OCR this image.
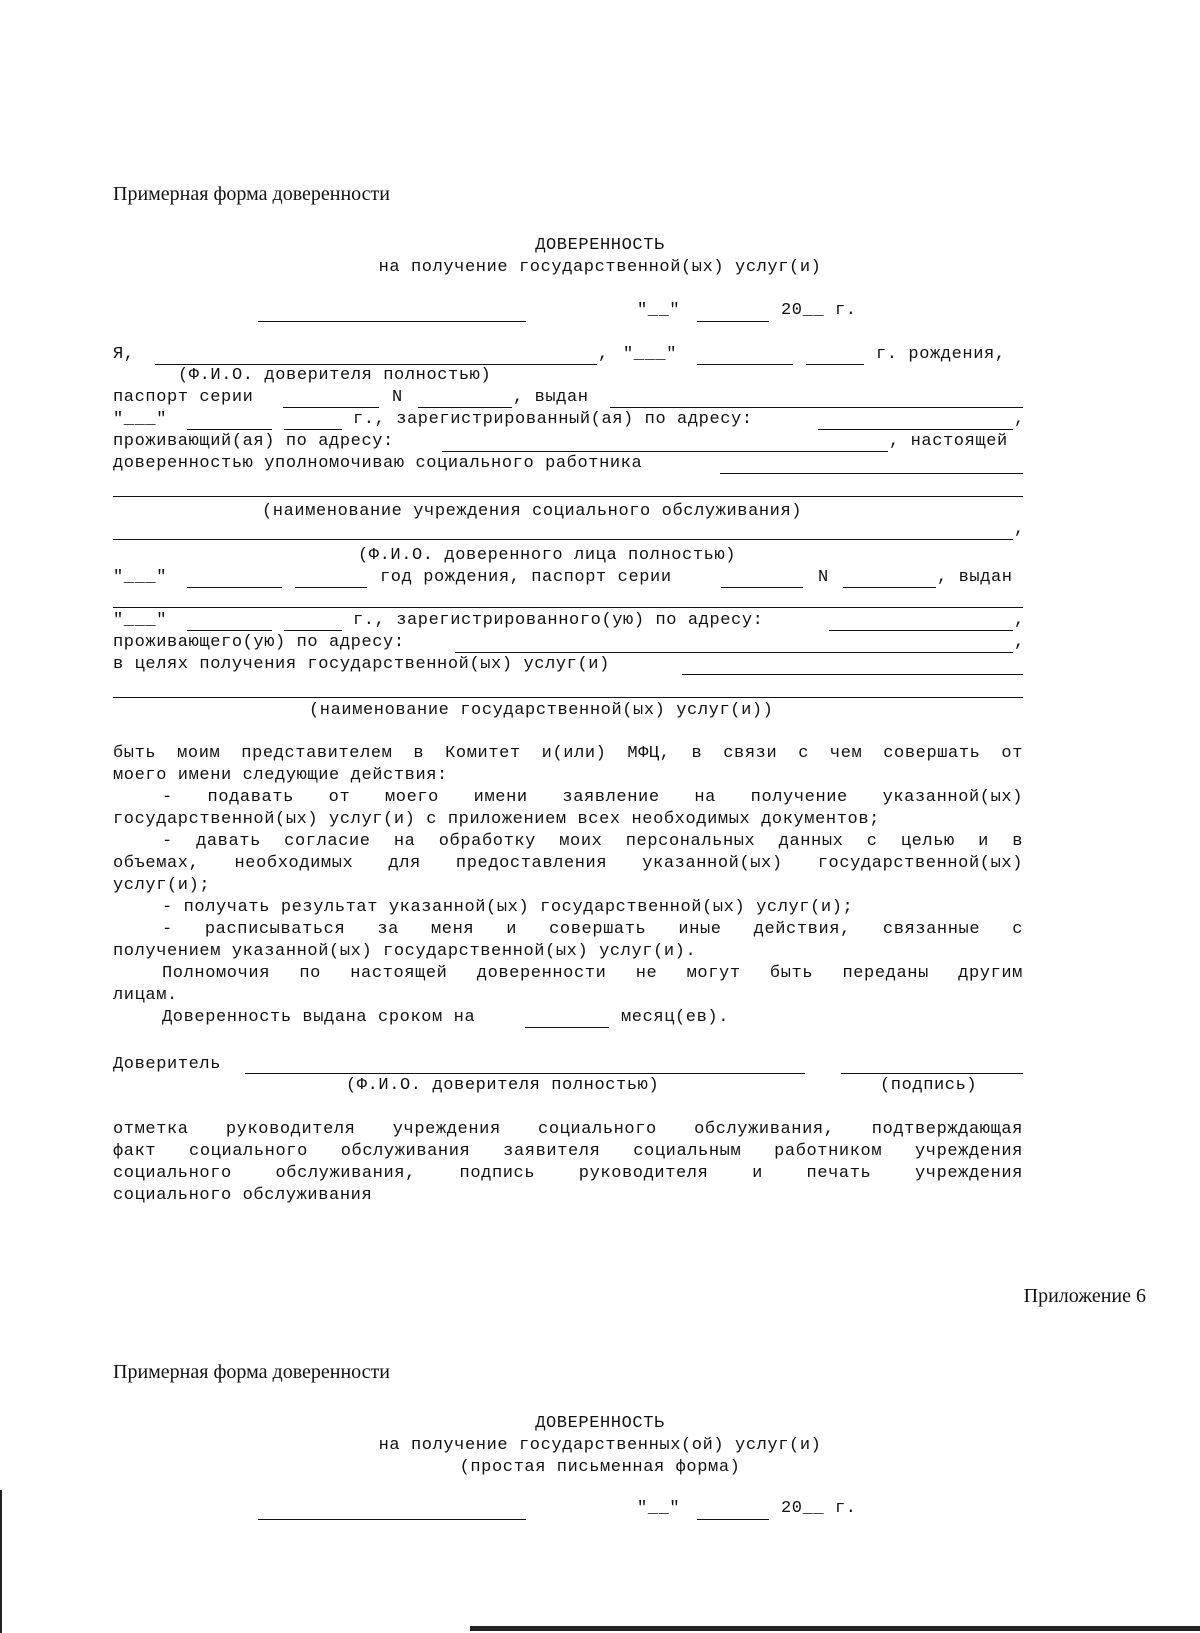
Примерная форма доверенности
ДОВЕРЕННОСТЬ
на получение государственной(ых) услуг(и)
"__"	20__ г.
Я,	, "___"	г. рождения,
(Ф.И.О. доверителя полностью)
паспорт серии	N	, выдан
"___"	г., зарегистрированный(ая) по адресу:	,
проживающий(ая) по адресу:	, настоящей
доверенностью уполномочиваю социального работника
(наименование учреждения социального обслуживания)
,
(Ф.И.О. доверенного лица полностью)
"___"	год рождения, паспорт серии	N	, выдан
"___"	г., зарегистрированного(ую) по адресу:	,
проживающего(ую) по адресу:	,
в целях получения государственной(ых) услуг(и)
(наименование государственной(ых) услуг(и))
быть моим представителем в Комитет и(или) МФЦ, в связи с чем совершать от
моего имени следующие действия:
- подавать от моего имени заявление на получение указанной(ых)
государственной(ых) услуг(и) с приложением всех необходимых документов;
- давать согласие на обработку моих персональных данных с целью и в
объемах, необходимых для предоставления указанной(ых) государственной(ых)
услуг(и);
- получать результат указанной(ых) государственной(ых) услуг(и);
- расписываться за меня и совершать иные действия, связанные с
получением указанной(ых) государственной(ых) услуг(и).
Полномочия по настоящей доверенности не могут быть переданы другим
лицам.
Доверенность выдана сроком на	месяц(ев).
Доверитель
(Ф.И.О. доверителя полностью)	(подпись)
отметка руководителя учреждения социального обслуживания, подтверждающая
факт социального обслуживания заявителя социальным работником учреждения
социального обслуживания, подпись руководителя и печать учреждения
социального обслуживания
Приложение 6
Примерная форма доверенности
ДОВЕРЕННОСТЬ
на получение государственных(ой) услуг(и)
(простая письменная форма)
"__"	20__ г.
